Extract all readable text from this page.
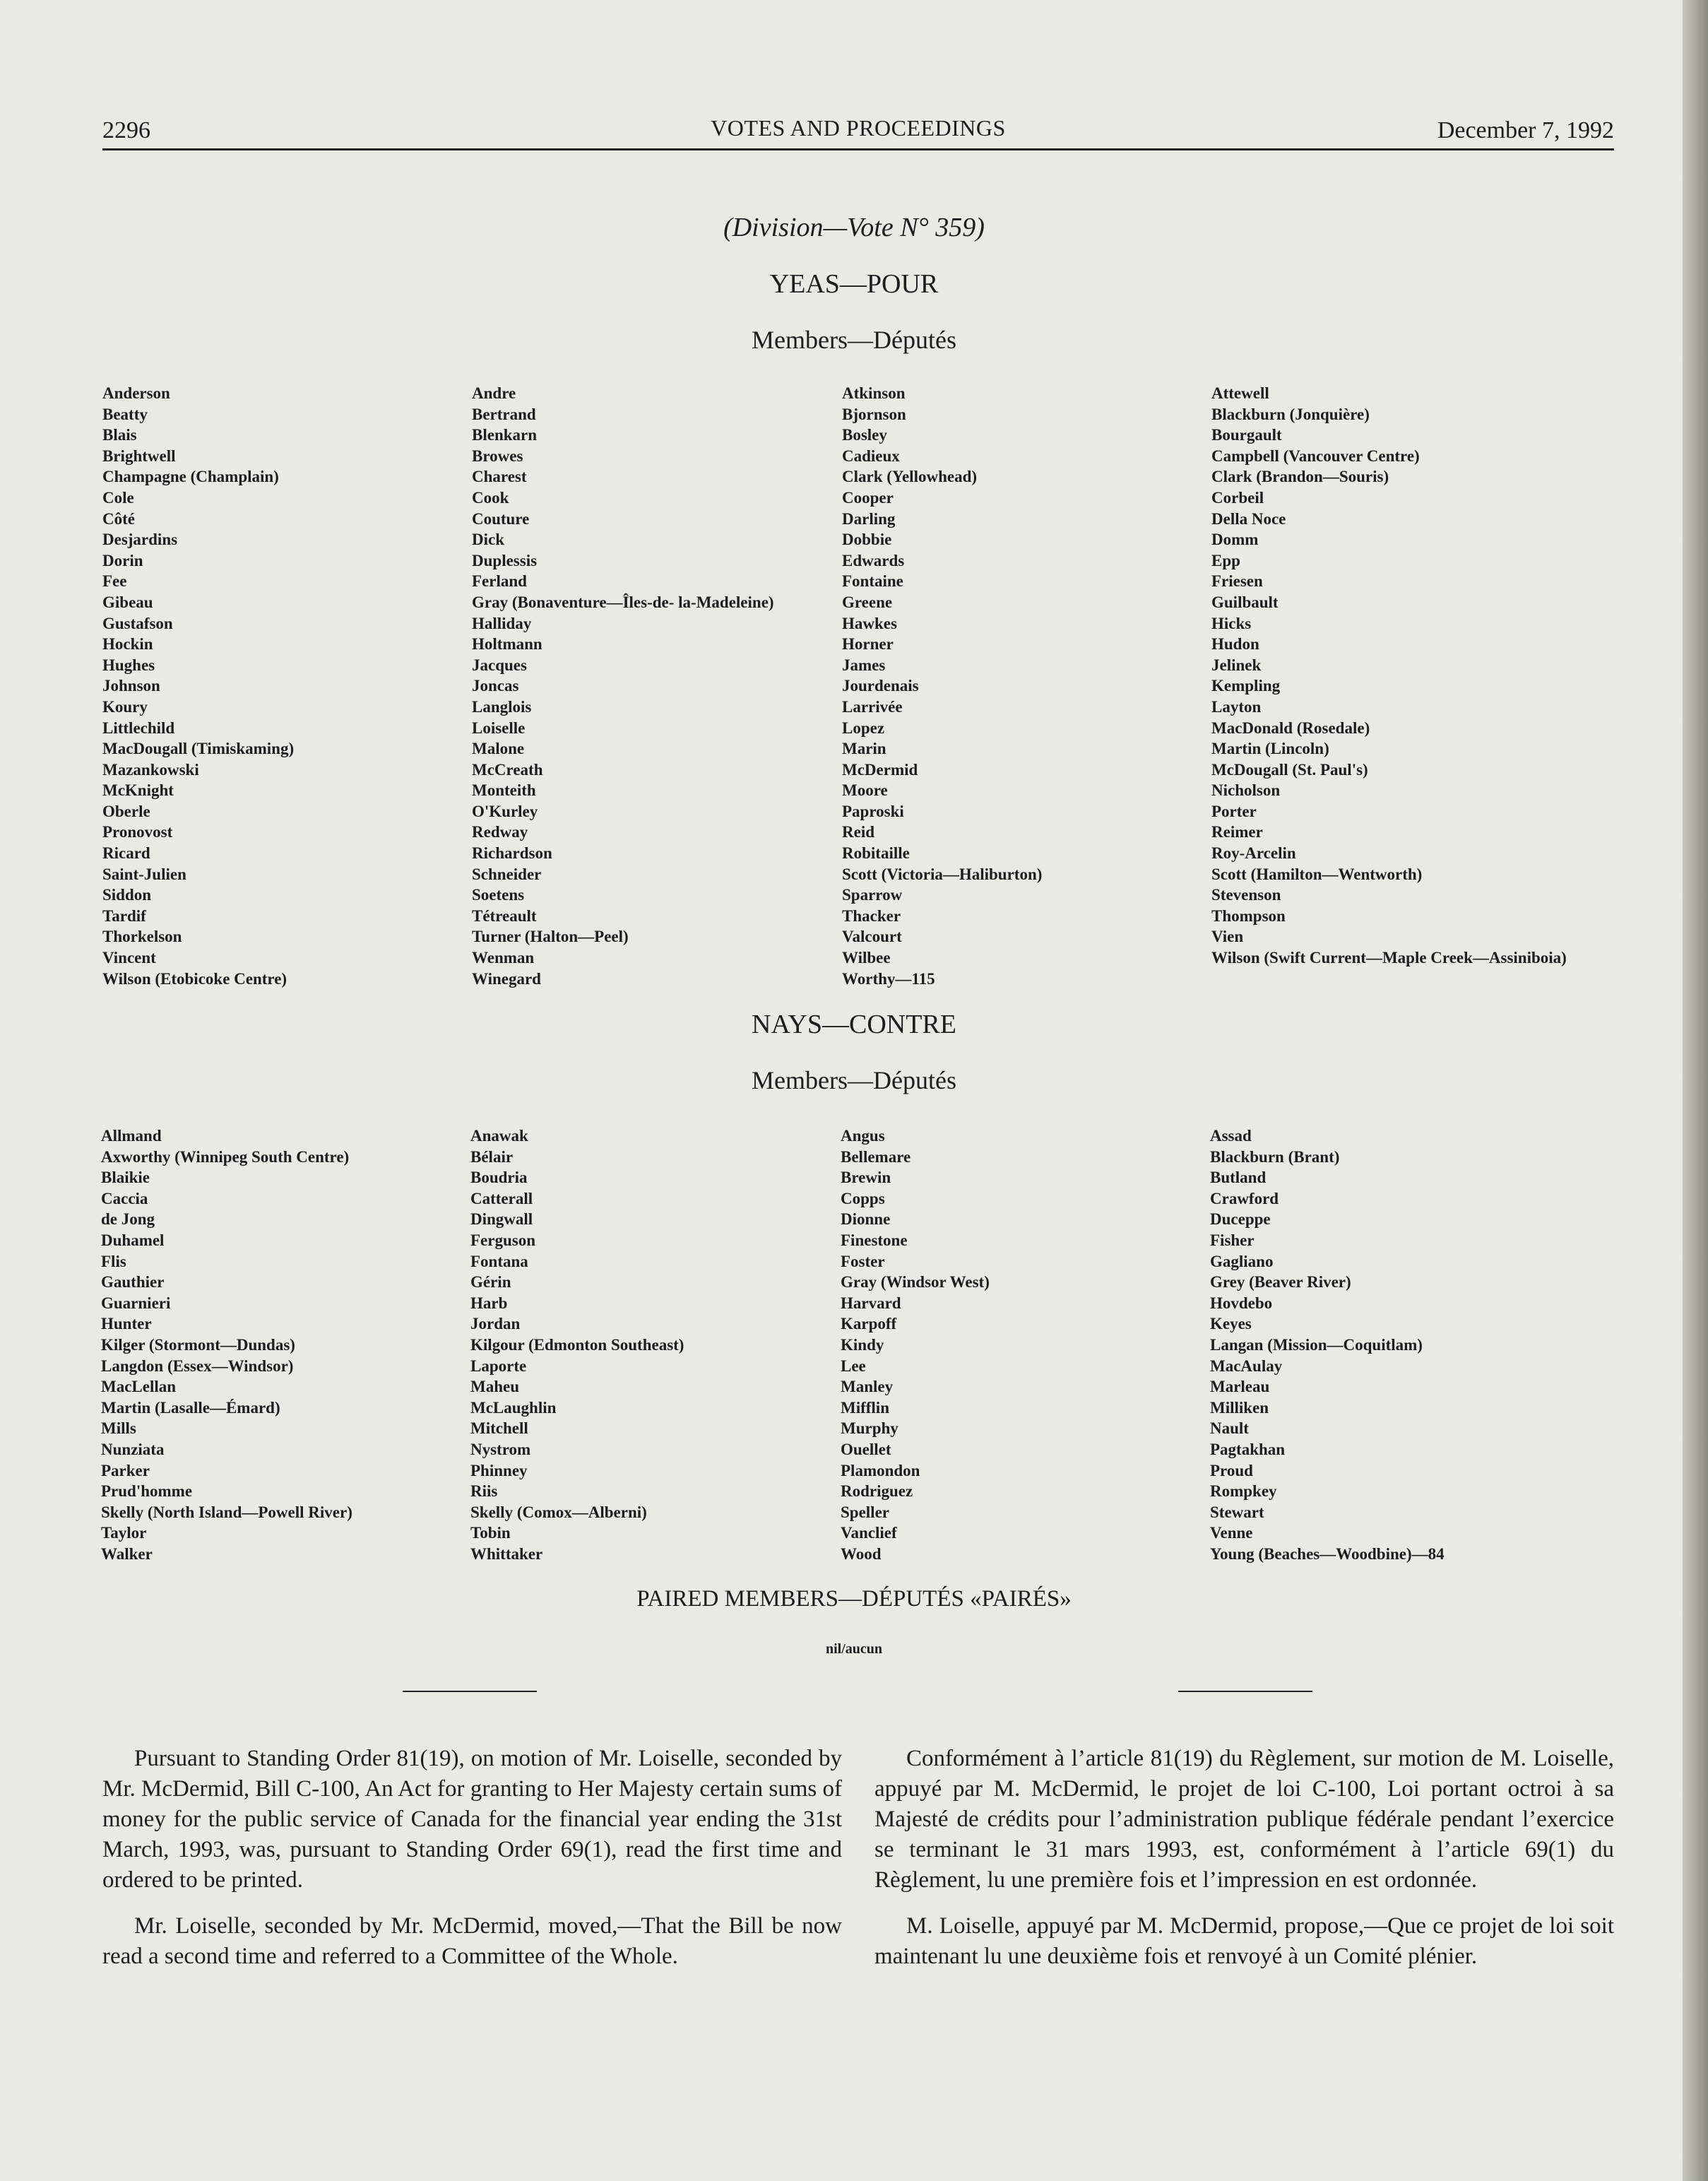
2296	VOTES AND PROCEEDINGS	December 7, 1992
(Division—Vote N° 359)
YEAS—POUR
Members—Députés
Anderson
Beatty
Blais
Brightwell
Champagne (Champlain)
Cole
Côté
Desjardins
Dorin
Fee
Gibeau
Gustafson
Hockin
Hughes
Johnson
Koury
Littlechild
MacDougall (Timiskaming)
Mazankowski
McKnight
Oberle
Pronovost
Ricard
Saint-Julien
Siddon
Tardif
Thorkelson
Vincent
Wilson (Etobicoke Centre)
Andre
Bertrand
Blenkarn
Browes
Charest
Cook
Couture
Dick
Duplessis
Ferland
Gray (Bonaventure—Îles-de- la-Madeleine)
Halliday
Holtmann
Jacques
Joncas
Langlois
Loiselle
Malone
McCreath
Monteith
O'Kurley
Redway
Richardson
Schneider
Soetens
Tétreault
Turner (Halton—Peel)
Wenman
Winegard
Atkinson
Bjornson
Bosley
Cadieux
Clark (Yellowhead)
Cooper
Darling
Dobbie
Edwards
Fontaine
Greene
Hawkes
Horner
James
Jourdenais
Larrivée
Lopez
Marin
McDermid
Moore
Paproski
Reid
Robitaille
Scott (Victoria—Haliburton)
Sparrow
Thacker
Valcourt
Wilbee
Worthy—115
Attewell
Blackburn (Jonquière)
Bourgault
Campbell (Vancouver Centre)
Clark (Brandon—Souris)
Corbeil
Della Noce
Domm
Epp
Friesen
Guilbault
Hicks
Hudon
Jelinek
Kempling
Layton
MacDonald (Rosedale)
Martin (Lincoln)
McDougall (St. Paul's)
Nicholson
Porter
Reimer
Roy-Arcelin
Scott (Hamilton—Wentworth)
Stevenson
Thompson
Vien
Wilson (Swift Current—Maple Creek—Assiniboia)
NAYS—CONTRE
Members—Députés
Allmand
Axworthy (Winnipeg South Centre)
Blaikie
Caccia
de Jong
Duhamel
Flis
Gauthier
Guarnieri
Hunter
Kilger (Stormont—Dundas)
Langdon (Essex—Windsor)
MacLellan
Martin (Lasalle—Émard)
Mills
Nunziata
Parker
Prud'homme
Skelly (North Island—Powell River)
Taylor
Walker
Anawak
Bélair
Boudria
Catterall
Dingwall
Ferguson
Fontana
Gérin
Harb
Jordan
Kilgour (Edmonton Southeast)
Laporte
Maheu
McLaughlin
Mitchell
Nystrom
Phinney
Riis
Skelly (Comox—Alberni)
Tobin
Whittaker
Angus
Bellemare
Brewin
Copps
Dionne
Finestone
Foster
Gray (Windsor West)
Harvard
Karpoff
Kindy
Lee
Manley
Mifflin
Murphy
Ouellet
Plamondon
Rodriguez
Speller
Vanclief
Wood
Assad
Blackburn (Brant)
Butland
Crawford
Duceppe
Fisher
Gagliano
Grey (Beaver River)
Hovdebo
Keyes
Langan (Mission—Coquitlam)
MacAulay
Marleau
Milliken
Nault
Pagtakhan
Proud
Rompkey
Stewart
Venne
Young (Beaches—Woodbine)—84
PAIRED MEMBERS—DÉPUTÉS «PAIRÉS»
nil/aucun

Pursuant to Standing Order 81(19), on motion of Mr. Loiselle, seconded by Mr. McDermid, Bill C-100, An Act for granting to Her Majesty certain sums of money for the public service of Canada for the financial year ending the 31st March, 1993, was, pursuant to Standing Order 69(1), read the first time and ordered to be printed.

Mr. Loiselle, seconded by Mr. McDermid, moved,—That the Bill be now read a second time and referred to a Committee of the Whole.

Conformément à l’article 81(19) du Règlement, sur motion de M. Loiselle, appuyé par M. McDermid, le projet de loi C-100, Loi portant octroi à sa Majesté de crédits pour l’administration publique fédérale pendant l’exercice se terminant le 31 mars 1993, est, conformément à l’article 69(1) du Règlement, lu une première fois et l’impression en est ordonnée.

M. Loiselle, appuyé par M. McDermid, propose,—Que ce projet de loi soit maintenant lu une deuxième fois et renvoyé à un Comité plénier.
